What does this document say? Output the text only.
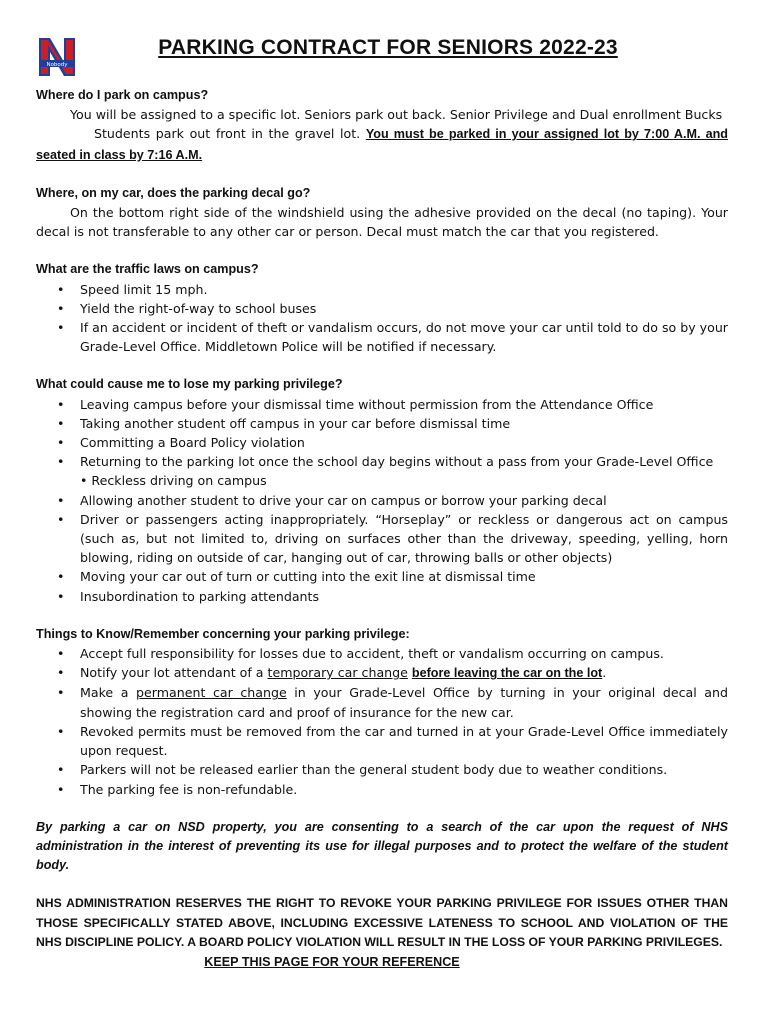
Nobody
PARKING CONTRACT FOR SENIORS 2022-23
Where do I park on campus?
You will be assigned to a specific lot. Seniors park out back. Senior Privilege and Dual enrollment Bucks
Students park out front in the gravel lot. You must be parked in your assigned lot by 7:00 A.M. and seated in class by 7:16 A.M.
Where, on my car, does the parking decal go?
On the bottom right side of the windshield using the adhesive provided on the decal (no taping). Your decal is not transferable to any other car or person. Decal must match the car that you registered.
What are the traffic laws on campus?
• Speed limit 15 mph.
• Yield the right-of-way to school buses
• If an accident or incident of theft or vandalism occurs, do not move your car until told to do so by your Grade-Level Office. Middletown Police will be notified if necessary.
What could cause me to lose my parking privilege?
• Leaving campus before your dismissal time without permission from the Attendance Office
• Taking another student off campus in your car before dismissal time
• Committing a Board Policy violation
• Returning to the parking lot once the school day begins without a pass from your Grade-Level Office
• Reckless driving on campus
• Allowing another student to drive your car on campus or borrow your parking decal
• Driver or passengers acting inappropriately. “Horseplay” or reckless or dangerous act on campus (such as, but not limited to, driving on surfaces other than the driveway, speeding, yelling, horn blowing, riding on outside of car, hanging out of car, throwing balls or other objects)
• Moving your car out of turn or cutting into the exit line at dismissal time
• Insubordination to parking attendants
Things to Know/Remember concerning your parking privilege:
• Accept full responsibility for losses due to accident, theft or vandalism occurring on campus.
• Notify your lot attendant of a temporary car change before leaving the car on the lot.
• Make a permanent car change in your Grade-Level Office by turning in your original decal and showing the registration card and proof of insurance for the new car.
• Revoked permits must be removed from the car and turned in at your Grade-Level Office immediately upon request.
• Parkers will not be released earlier than the general student body due to weather conditions.
• The parking fee is non-refundable.
By parking a car on NSD property, you are consenting to a search of the car upon the request of NHS administration in the interest of preventing its use for illegal purposes and to protect the welfare of the student body.
NHS ADMINISTRATION RESERVES THE RIGHT TO REVOKE YOUR PARKING PRIVILEGE FOR ISSUES OTHER THAN THOSE SPECIFICALLY STATED ABOVE, INCLUDING EXCESSIVE LATENESS TO SCHOOL AND VIOLATION OF THE NHS DISCIPLINE POLICY. A BOARD POLICY VIOLATION WILL RESULT IN THE LOSS OF YOUR PARKING PRIVILEGES.
KEEP THIS PAGE FOR YOUR REFERENCE
